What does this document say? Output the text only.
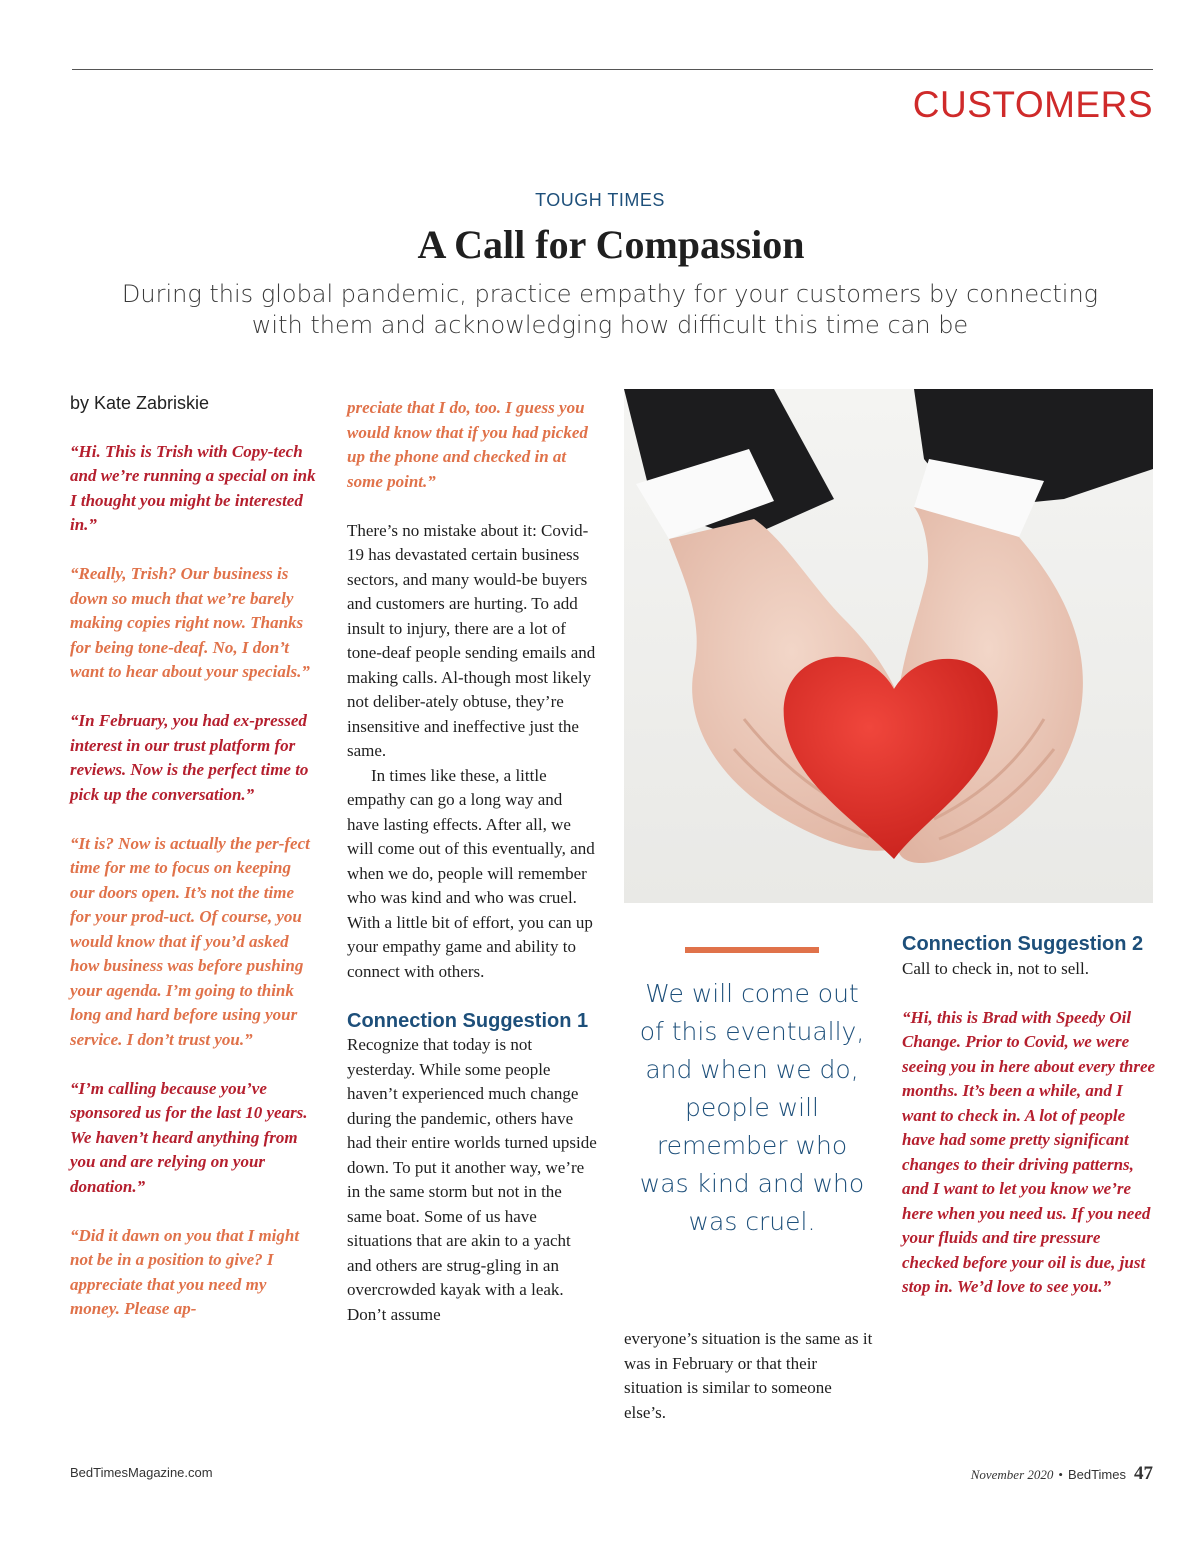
CUSTOMERS
TOUGH TIMES
A Call for Compassion
During this global pandemic, practice empathy for your customers by connecting with them and acknowledging how difficult this time can be

by Kate Zabriskie

“Hi. This is Trish with Copy-tech and we’re running a special on ink I thought you might be interested in.”

“Really, Trish? Our business is down so much that we’re barely making copies right now. Thanks for being tone-deaf. No, I don’t want to hear about your specials.”

“In February, you had ex-pressed interest in our trust platform for reviews. Now is the perfect time to pick up the conversation.”

“It is? Now is actually the per-fect time for me to focus on keeping our doors open. It’s not the time for your prod-uct. Of course, you would know that if you’d asked how business was before pushing your agenda. I’m going to think long and hard before using your service. I don’t trust you.”

“I’m calling because you’ve sponsored us for the last 10 years. We haven’t heard anything from you and are relying on your donation.”

“Did it dawn on you that I might not be in a position to give? I appreciate that you need my money. Please ap-

preciate that I do, too. I guess you would know that if you had picked up the phone and checked in at some point.”

There’s no mistake about it: Covid-19 has devastated certain business sectors, and many would-be buyers and customers are hurting. To add insult to injury, there are a lot of tone-deaf people sending emails and making calls. Al-though most likely not deliber-ately obtuse, they’re insensitive and ineffective just the same.

In times like these, a little empathy can go a long way and have lasting effects. After all, we will come out of this eventually, and when we do, people will remember who was kind and who was cruel. With a little bit of effort, you can up your empathy game and ability to connect with others.

Connection Suggestion 1

Recognize that today is not yesterday. While some people haven’t experienced much change during the pandemic, others have had their entire worlds turned upside down. To put it another way, we’re in the same storm but not in the same boat. Some of us have situations that are akin to a yacht and others are strug-gling in an overcrowded kayak with a leak. Don’t assume

We will come out of this eventually, and when we do, people will remember who was kind and who was cruel.

everyone’s situation is the same as it was in February or that their situation is similar to someone else’s.

Connection Suggestion 2

Call to check in, not to sell.

“Hi, this is Brad with Speedy Oil Change. Prior to Covid, we were seeing you in here about every three months. It’s been a while, and I want to check in. A lot of people have had some pretty significant changes to their driving patterns, and I want to let you know we’re here when you need us. If you need your fluids and tire pressure checked before your oil is due, just stop in. We’d love to see you.”

BedTimesMagazine.com	November 2020 • BedTimes 47
